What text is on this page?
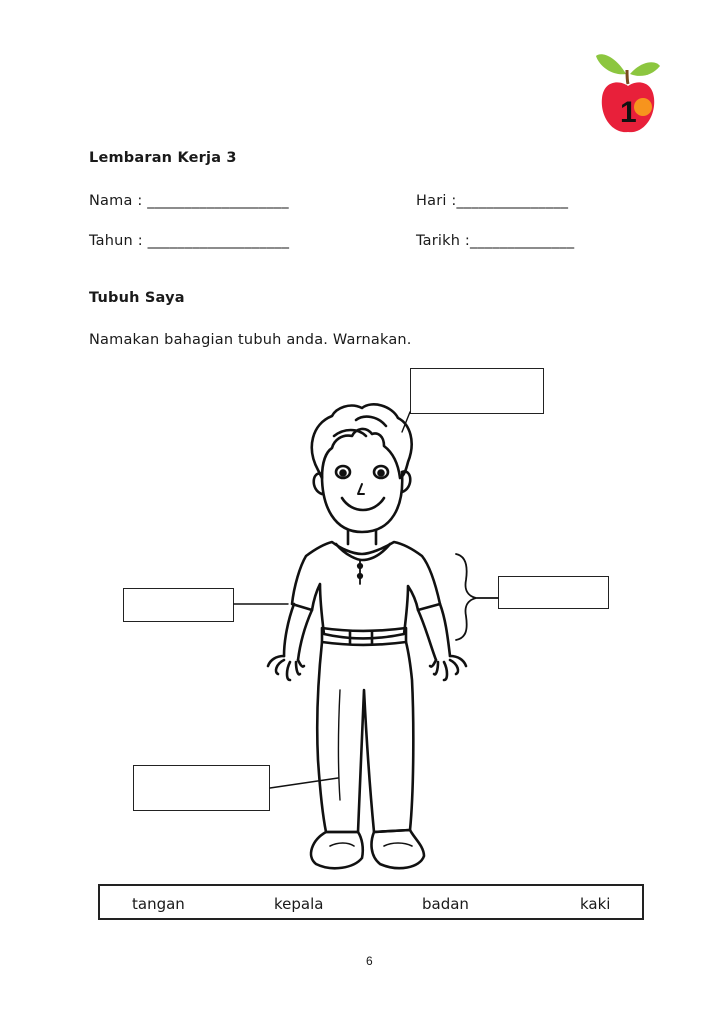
1
Lembaran Kerja 3
Nama : ___________________	Hari :_______________
Tahun : ___________________	Tarikh :______________
Tubuh Saya
Namakan bahagian tubuh anda. Warnakan.
tangan	kepala	badan	kaki
6
